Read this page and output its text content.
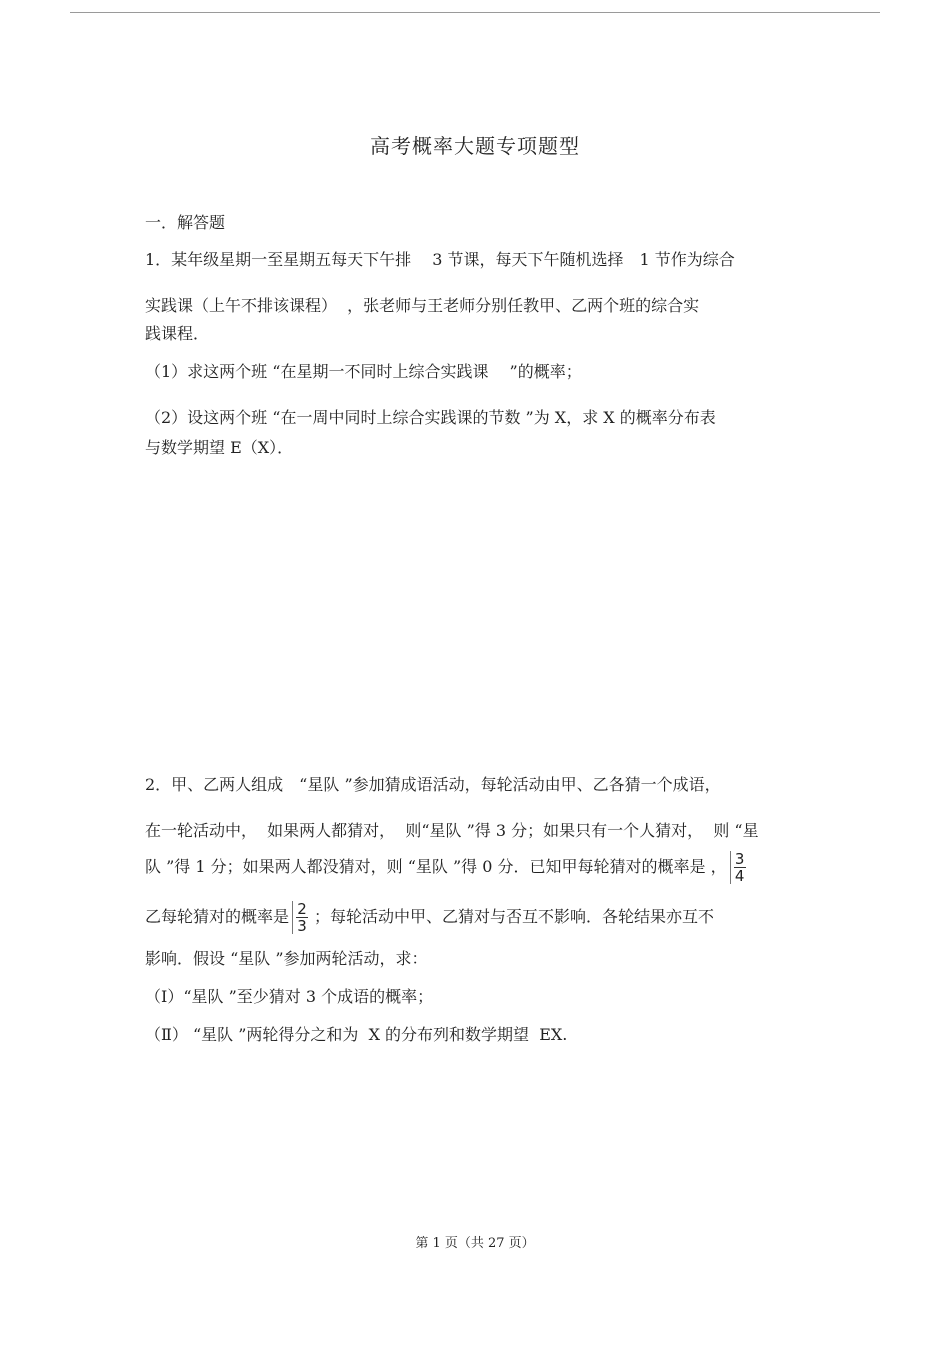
高考概率大题专项题型
一．解答题
1．某年级星期一至星期五每天下午排　 3 节课，每天下午随机选择　1 节作为综合
实践课（上午不排该课程）  ，张老师与王老师分别任教甲、乙两个班的综合实
践课程．
（1）求这两个班 “在星期一不同时上综合实践课　 ”的概率；
（2）设这两个班 “在一周中同时上综合实践课的节数 ”为 X，求 X 的概率分布表
与数学期望 E（X）．
2．甲、乙两人组成　“星队 ”参加猜成语活动，每轮活动由甲、乙各猜一个成语，
在一轮活动中，  如果两人都猜对，  则“星队 ”得 3 分；如果只有一个人猜对，  则 “星
队 ”得 1 分；如果两人都没猜对，则 “星队 ”得 0 分．已知甲每轮猜对的概率是 ， $\frac{3}{4}$
乙每轮猜对的概率是 $\frac{2}{3}$ ；每轮活动中甲、乙猜对与否互不影响．各轮结果亦互不
影响．假设 “星队 ”参加两轮活动，求：
（I）“星队 ”至少猜对 3 个成语的概率；
（Ⅱ） “星队 ”两轮得分之和为  X 的分布列和数学期望  EX.
第 1 页（共 27 页）
